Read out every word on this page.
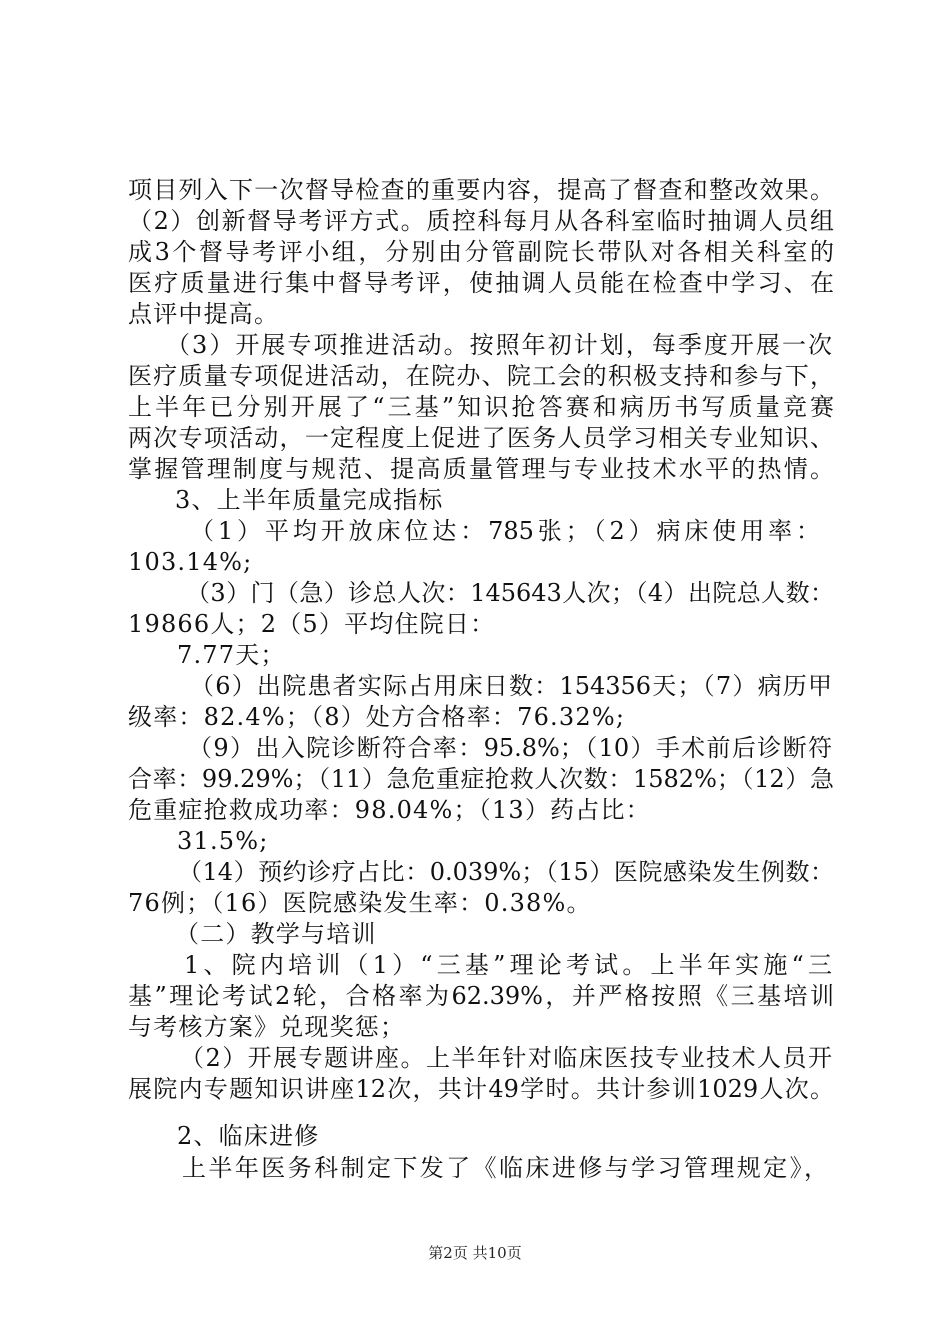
项目列入下一次督导检查的重要内容，提高了督查和整改效果。
（2）创新督导考评方式。质控科每月从各科室临时抽调人员组
成3个督导考评小组，分别由分管副院长带队对各相关科室的
医疗质量进行集中督导考评，使抽调人员能在检查中学习、在
点评中提高。
（3）开展专项推进活动。按照年初计划，每季度开展一次
医疗质量专项促进活动，在院办、院工会的积极支持和参与下，
上半年已分别开展了“三基”知识抢答赛和病历书写质量竞赛
两次专项活动，一定程度上促进了医务人员学习相关专业知识、
掌握管理制度与规范、提高质量管理与专业技术水平的热情。
3、上半年质量完成指标
（1）平均开放床位达：785张；（2）病床使用率：
103.14%;
（3）门（急）诊总人次：145643人次；（4）出院总人数：
19866人；2（5）平均住院日：
7.77天；
（6）出院患者实际占用床日数：154356天；（7）病历甲
级率：82.4%；（8）处方合格率：76.32%;
（9）出入院诊断符合率：95.8%；（10）手术前后诊断符
合率：99.29%；（11）急危重症抢救人次数：1582%；（12）急
危重症抢救成功率：98.04%；（13）药占比：
31.5%;
（14）预约诊疗占比：0.039%；（15）医院感染发生例数：
76例；（16）医院感染发生率：0.38%。
（二）教学与培训
1、院内培训（1）“三基”理论考试。上半年实施“三
基”理论考试2轮，合格率为62.39%，并严格按照《三基培训
与考核方案》兑现奖惩；
（2）开展专题讲座。上半年针对临床医技专业技术人员开
展院内专题知识讲座12次，共计49学时。共计参训1029人次。
2、临床进修
上半年医务科制定下发了《临床进修与学习管理规定》，
第2页 共10页
